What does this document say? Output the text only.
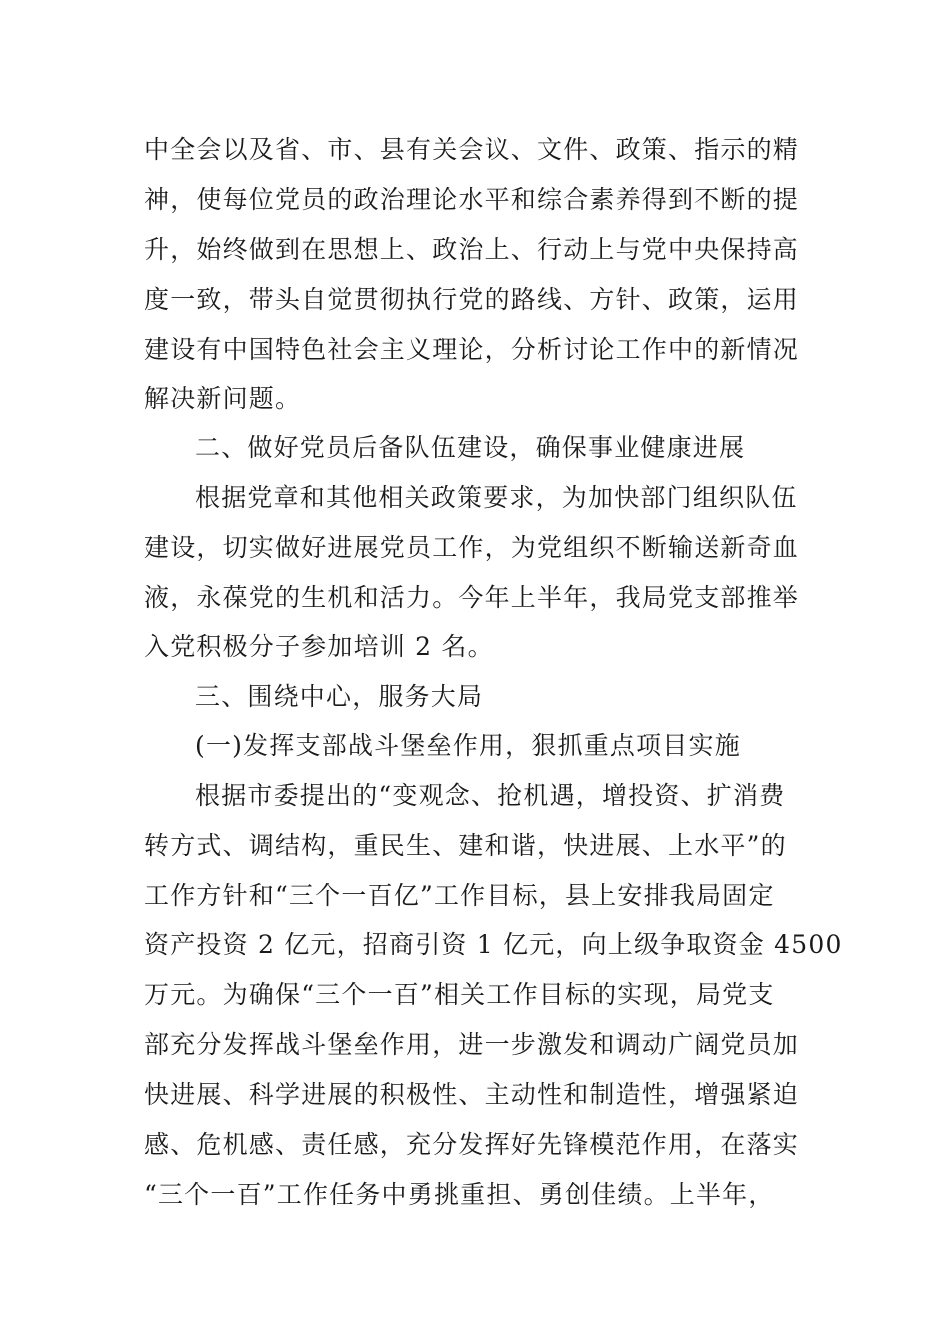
中全会以及省、市、县有关会议、文件、政策、指示的精
神，使每位党员的政治理论水平和综合素养得到不断的提
升，始终做到在思想上、政治上、行动上与党中央保持高
度一致，带头自觉贯彻执行党的路线、方针、政策，运用
建设有中国特色社会主义理论，分析讨论工作中的新情况
解决新问题。
二、做好党员后备队伍建设，确保事业健康进展
根据党章和其他相关政策要求，为加快部门组织队伍
建设，切实做好进展党员工作，为党组织不断输送新奇血
液，永葆党的生机和活力。今年上半年，我局党支部推举
入党积极分子参加培训 2 名。
三、围绕中心，服务大局
(一)发挥支部战斗堡垒作用，狠抓重点项目实施
根据市委提出的“变观念、抢机遇，增投资、扩消费
转方式、调结构，重民生、建和谐，快进展、上水平”的
工作方针和“三个一百亿”工作目标，县上安排我局固定
资产投资 2 亿元，招商引资 1 亿元，向上级争取资金 4500
万元。为确保“三个一百”相关工作目标的实现，局党支
部充分发挥战斗堡垒作用，进一步激发和调动广阔党员加
快进展、科学进展的积极性、主动性和制造性，增强紧迫
感、危机感、责任感，充分发挥好先锋模范作用，在落实
“三个一百”工作任务中勇挑重担、勇创佳绩。上半年，
